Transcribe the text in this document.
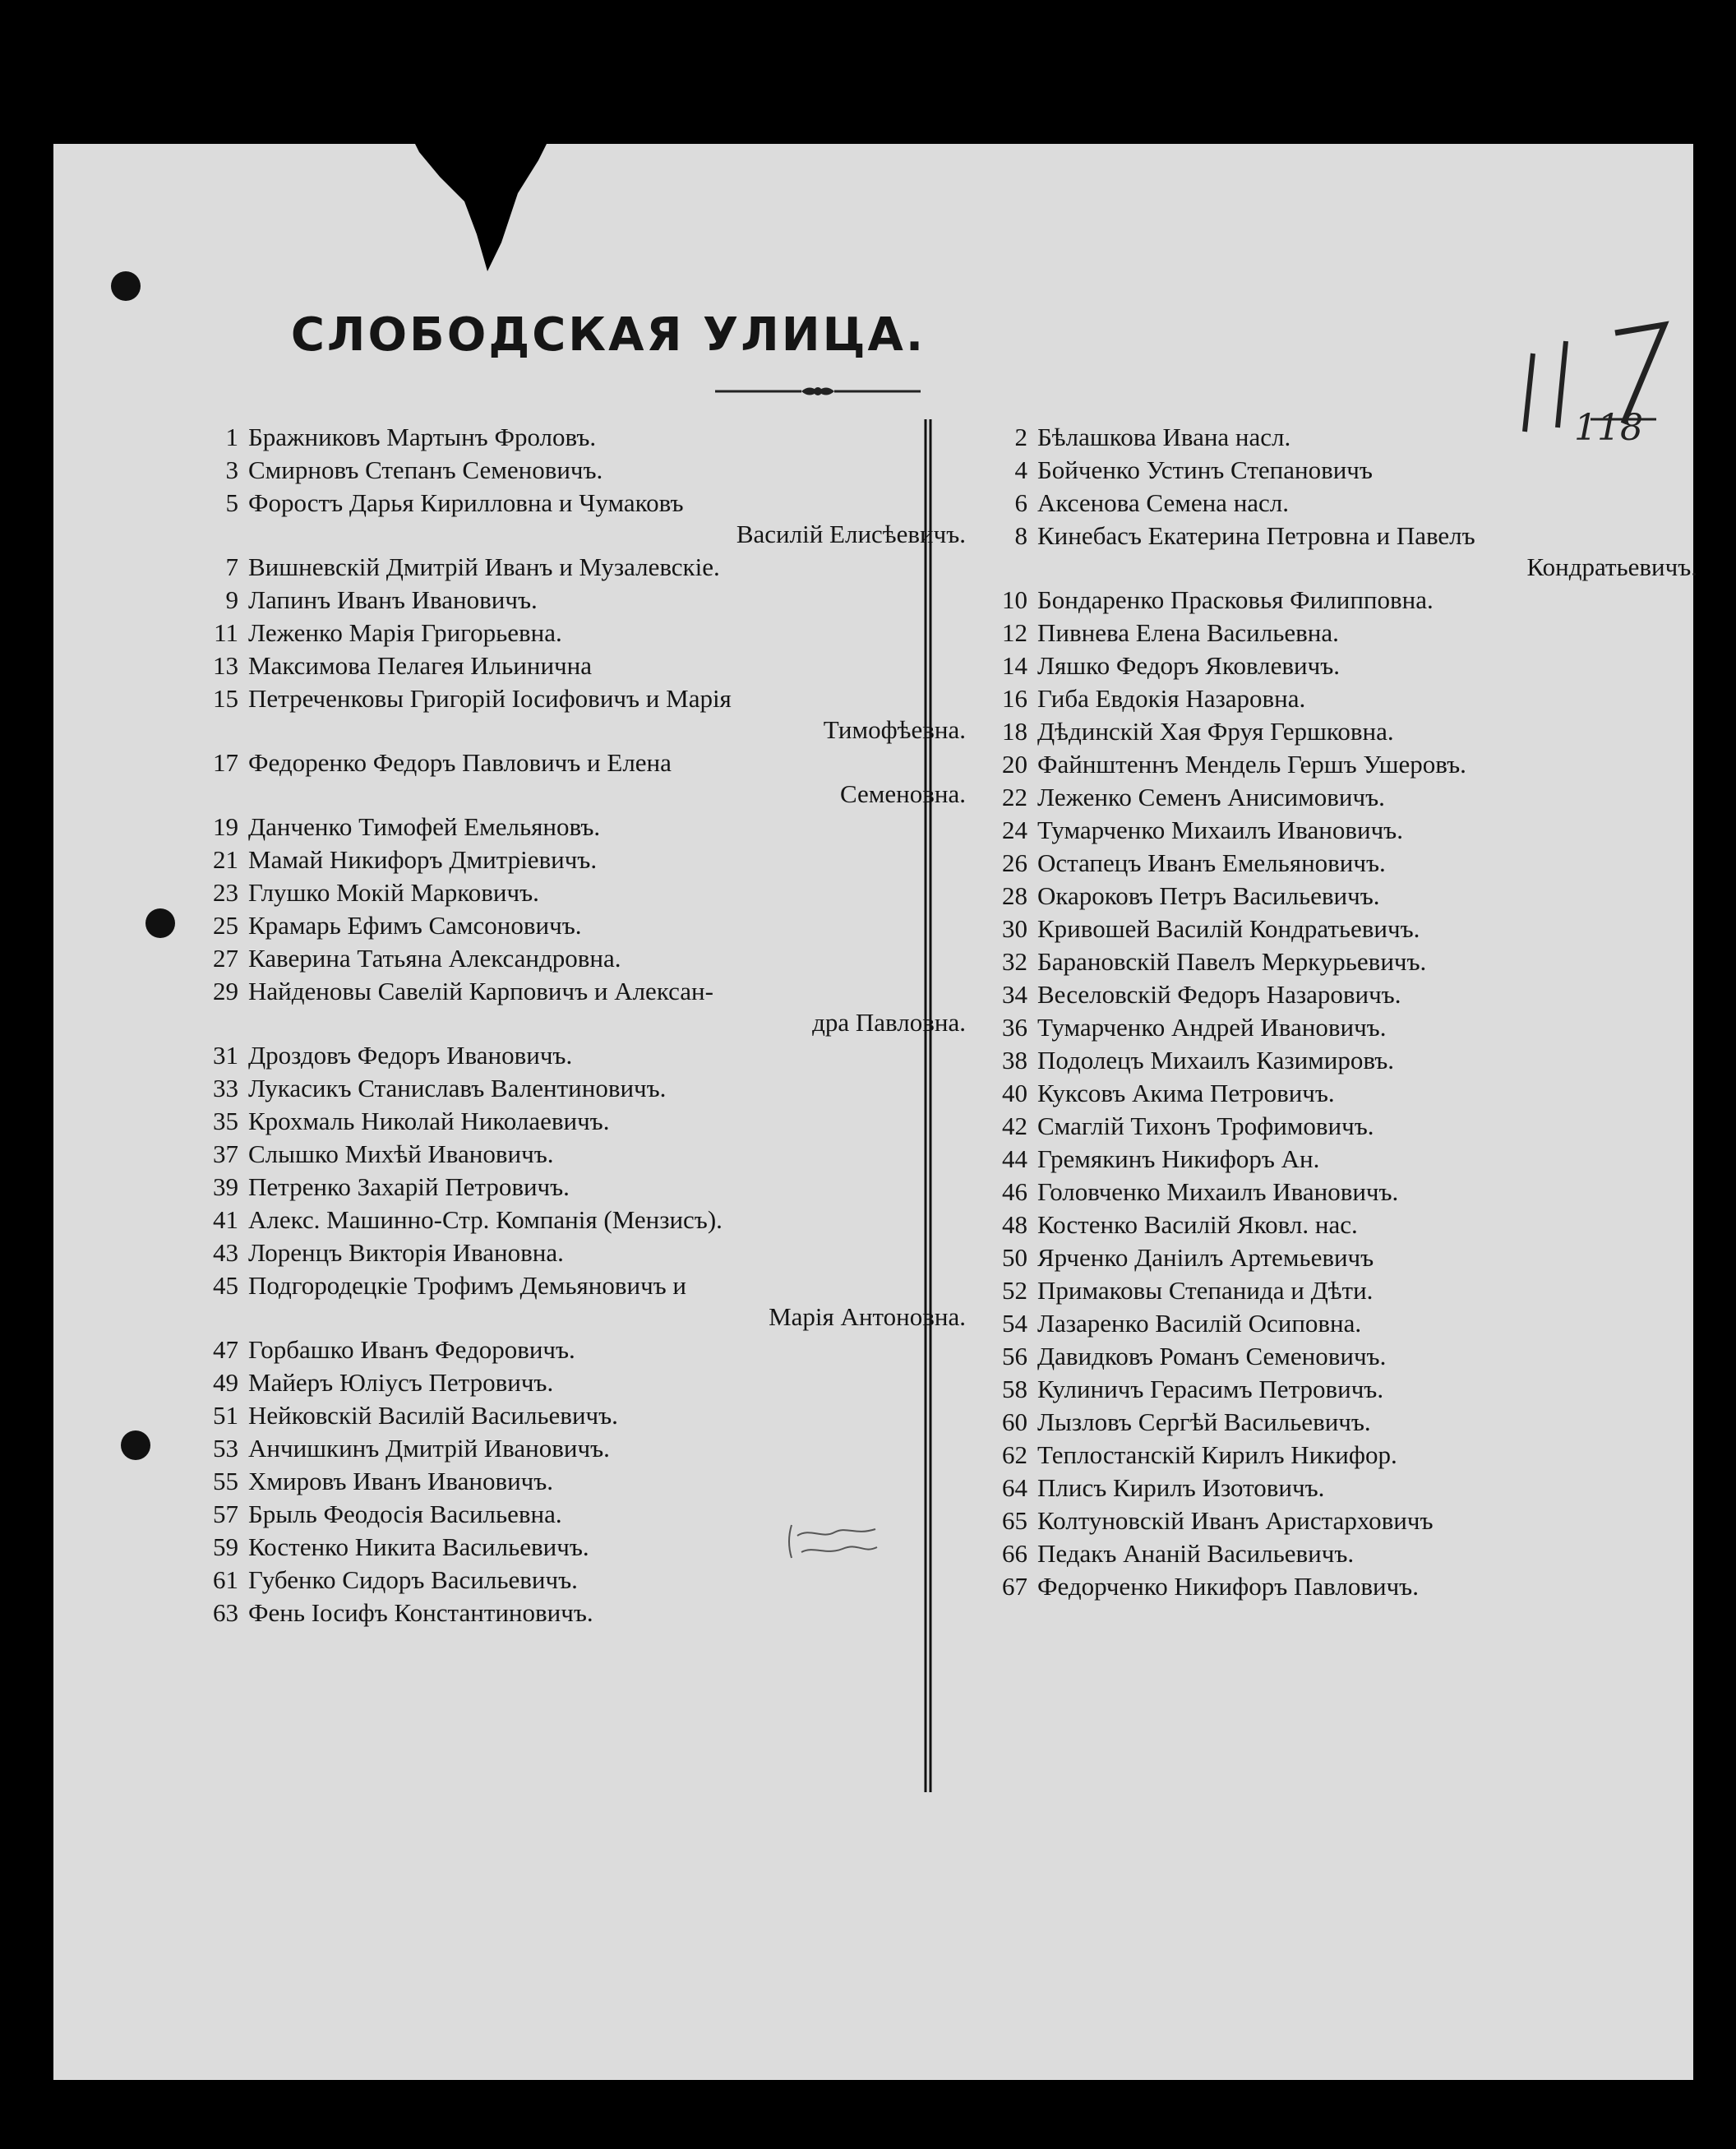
СЛОБОДСКАЯ УЛИЦА.
118
1 Бражниковъ Мартынъ Фроловъ.
3 Смирновъ Степанъ Семеновичъ.
5 Форостъ Дарья Кирилловна и Чумаковъ
Василій Елисѣевичъ.
7 Вишневскій Дмитрій Иванъ и Музалевскіе.
9 Лапинъ Иванъ Ивановичъ.
11 Леженко Марія Григорьевна.
13 Максимова Пелагея Ильинична
15 Петреченковы Григорій Іосифовичъ и Марія
Тимофѣевна.
17 Федоренко Федоръ Павловичъ и Елена
Семеновна.
19 Данченко Тимофей Емельяновъ.
21 Мамай Никифоръ Дмитріевичъ.
23 Глушко Мокій Марковичъ.
25 Крамарь Ефимъ Самсоновичъ.
27 Каверина Татьяна Александровна.
29 Найденовы Савелій Карповичъ и Алексан-
дра Павловна.
31 Дроздовъ Федоръ Ивановичъ.
33 Лукасикъ Станиславъ Валентиновичъ.
35 Крохмаль Николай Николаевичъ.
37 Слышко Михѣй Ивановичъ.
39 Петренко Захарій Петровичъ.
41 Алекс. Машинно-Стр. Компанія (Мензисъ).
43 Лоренцъ Викторія Ивановна.
45 Подгородецкіе Трофимъ Демьяновичъ и
Марія Антоновна.
47 Горбашко Иванъ Федоровичъ.
49 Майеръ Юліусъ Петровичъ.
51 Нейковскій Василій Васильевичъ.
53 Анчишкинъ Дмитрій Ивановичъ.
55 Хмировъ Иванъ Ивановичъ.
57 Брыль Феодосія Васильевна.
59 Костенко Никита Васильевичъ.
61 Губенко Сидоръ Васильевичъ.
63 Фень Іосифъ Константиновичъ.
2 Бѣлашкова Ивана насл.
4 Бойченко Устинъ Степановичъ
6 Аксенова Семена насл.
8 Кинебасъ Екатерина Петровна и Павелъ
Кондратьевичъ.
10 Бондаренко Прасковья Филипповна.
12 Пивнева Елена Васильевна.
14 Ляшко Федоръ Яковлевичъ.
16 Гиба Евдокія Назаровна.
18 Дѣдинскій Хая Фруя Гершковна.
20 Файнштеннъ Мендель Гершъ Ушеровъ.
22 Леженко Семенъ Анисимовичъ.
24 Тумарченко Михаилъ Ивановичъ.
26 Остапецъ Иванъ Емельяновичъ.
28 Окароковъ Петръ Васильевичъ.
30 Кривошей Василій Кондратьевичъ.
32 Барановскій Павелъ Меркурьевичъ.
34 Веселовскій Федоръ Назаровичъ.
36 Тумарченко Андрей Ивановичъ.
38 Подолецъ Михаилъ Казимировъ.
40 Куксовъ Акима Петровичъ.
42 Смаглій Тихонъ Трофимовичъ.
44 Гремякинъ Никифоръ Ан.
46 Головченко Михаилъ Ивановичъ.
48 Костенко Василій Яковл. нас.
50 Ярченко Даніилъ Артемьевичъ
52 Примаковы Степанида и Дѣти.
54 Лазаренко Василій Осиповна.
56 Давидковъ Романъ Семеновичъ.
58 Кулиничъ Герасимъ Петровичъ.
60 Лызловъ Сергѣй Васильевичъ.
62 Теплостанскій Кирилъ Никифор.
64 Плисъ Кирилъ Изотовичъ.
65 Колтуновскій Иванъ Аристарховичъ
66 Педакъ Ананій Васильевичъ.
67 Федорченко Никифоръ Павловичъ.
